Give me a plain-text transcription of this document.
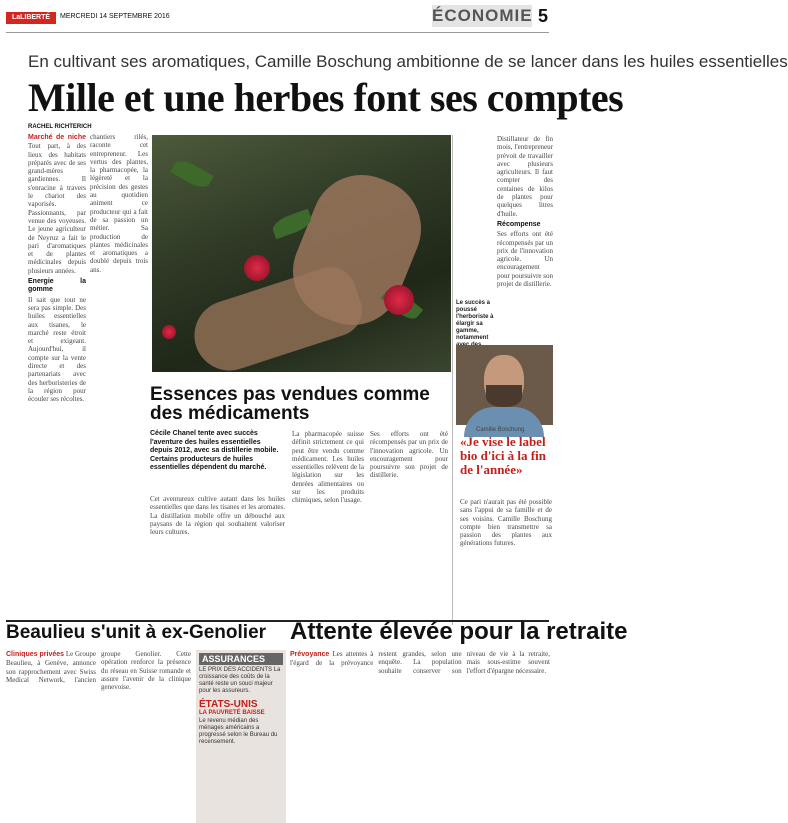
LaLIBERTÉ	MERCREDI 14 SEPTEMBRE 2016	ÉCONOMIE 5
En cultivant ses aromatiques, Camille Boschung ambitionne de se lancer dans les huiles essentielles
Mille et une herbes font ses comptes
RACHEL RICHTERICH
Marché de niche Tout part, à des lieux des habitats préparés avec de ses grand-mères gardiennes. Il s'enracine à travers le chariot des vaporisés. Passionnants, par venue des voyeuses. Le jeune agriculteur de Neyruz a fait le pari d'aromatiques et de plantes médicinales depuis plusieurs années.
Energie la gomme
Il sait que tout ne sera pas simple. Des huiles essentielles aux tisanes, le marché reste étroit et exigeant. Aujourd'hui, il compte sur la vente directe et des partenariats avec des herboristeries de la région pour écouler ses récoltes.
chantiers rilés, raconte cet entrepreneur. Les vertus des plantes, la pharmacopée, la légèreté et la précision des gestes au quotidien animent ce producteur qui a fait de sa passion un métier. Sa production de plantes médicinales et aromatiques a doublé depuis trois ans.
Le succès a poussé l'herboriste à élargir sa gamme, notamment
Distillateur de fin mois, l'entrepreneur prévoit de travailler avec plusieurs agriculteurs. Il faut compter des centaines de kilos de plantes pour quelques litres d'huile.
Récompense
Ses efforts ont été récompensés par un prix de l'innovation agricole. Un encouragement pour poursuivre son projet de distillerie.
Essences pas vendues comme des médicaments
Cécile Chanel tente avec succès l'aventure des huiles essentielles depuis 2012, avec sa distillerie mobile. Certains producteurs de huiles essentielles dépendent du marché.
Cet aventureux cultive autant dans les huiles essentielles que dans les tisanes et les aromates. La distillation mobile offre un débouché aux paysans de la région qui souhaitent valoriser leurs cultures.
La pharmacopée suisse définit strictement ce qui peut être vendu comme médicament. Les huiles essentielles relèvent de la législation sur les denrées alimentaires ou sur les produits chimiques, selon l'usage.
Ses efforts ont été récompensés par un prix de l'innovation agricole. Un encouragement pour poursuivre son projet de distillerie.
Camille Boschung
«Je vise le label bio d'ici à la fin de l'année»
Ce pari n'aurait pas été possible sans l'appui de sa famille et de ses voisins. Camille Boschung compte bien transmettre sa passion des plantes aux générations futures.
Beaulieu s'unit à ex-Genolier
Cliniques privées Le Groupe Beaulieu, à Genève, annonce son rapprochement avec Swiss Medical Network, l'ancien groupe Genolier. Cette opération renforce la présence du réseau en Suisse romande et assure l'avenir de la clinique genevoise.
ASSURANCES
LE PRIX DES ACCIDENTS La croissance des coûts de la santé reste un souci majeur pour les assureurs.
ÉTATS-UNIS
LA PAUVRETÉ BAISSE
Le revenu médian des ménages américains a progressé selon le Bureau du recensement.
Attente élevée pour la retraite
Prévoyance Les attentes à l'égard de la prévoyance restent grandes, selon une enquête. La population souhaite conserver son niveau de vie à la retraite, mais sous-estime souvent l'effort d'épargne nécessaire.
